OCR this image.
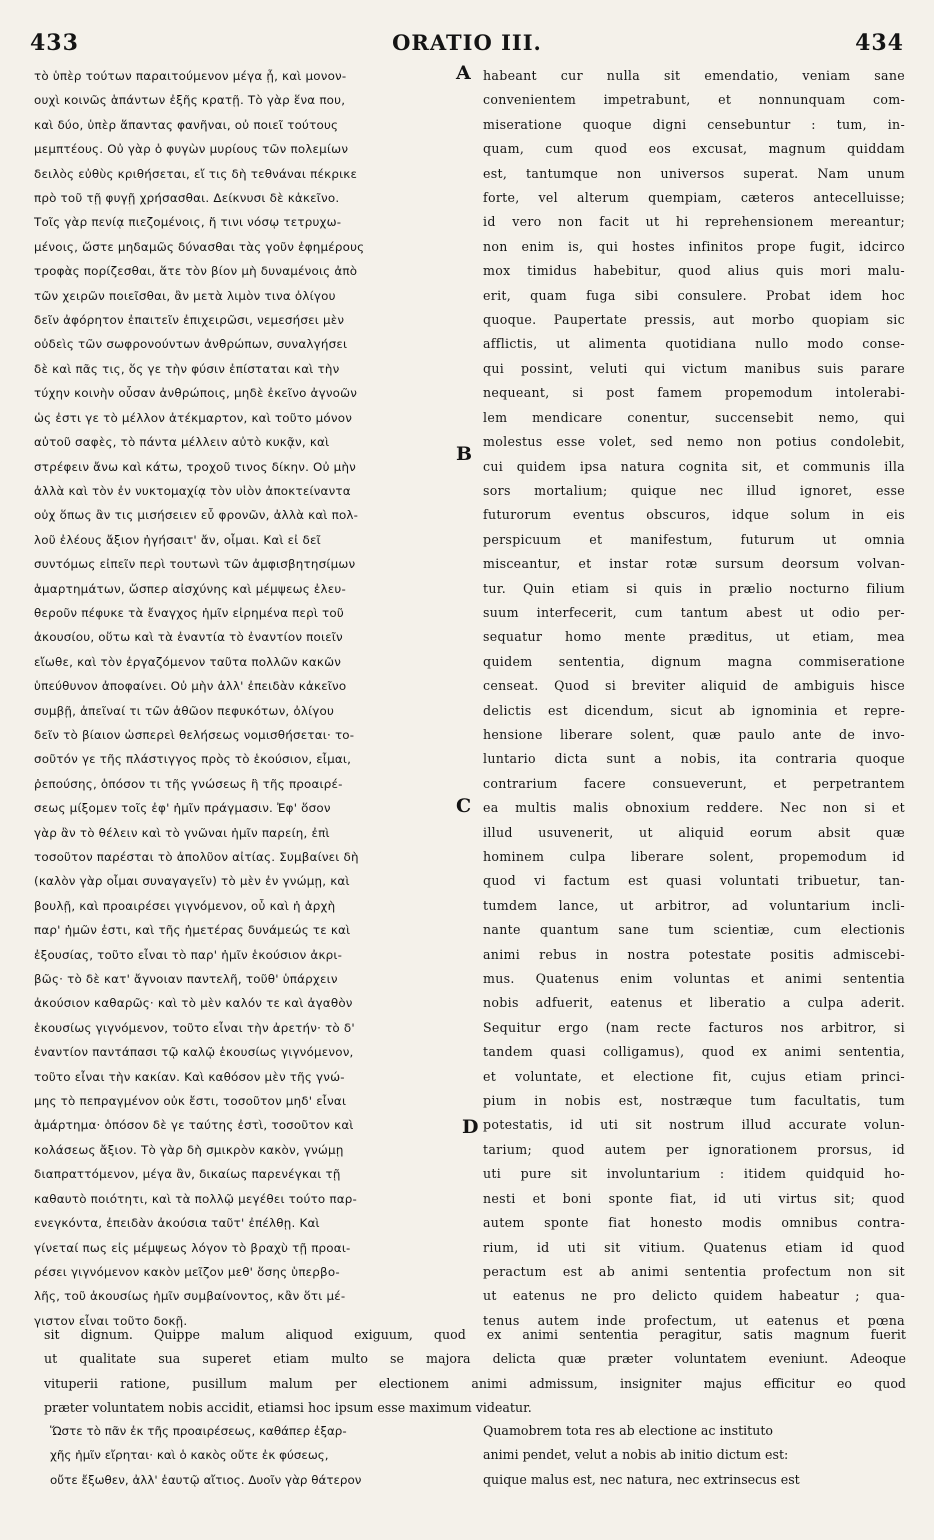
433	ORATIO III.	434
A
B
C
D
τὸ ὑπὲρ τούτων παραιτούμενον μέγα ᾖ, καὶ μονον-
ουχὶ κοινῶς ἁπάντων ἐξῆς κρατῇ. Τὸ γὰρ ἕνα που,
καὶ δύο, ὑπὲρ ἅπαντας φανῆναι, οὐ ποιεῖ τούτους
μεμπτέους. Οὐ γὰρ ὁ φυγὼν μυρίους τῶν πολεμίων
δειλὸς εὐθὺς κριθήσεται, εἴ τις δὴ τεθνάναι πέκρικε
πρὸ τοῦ τῇ φυγῇ χρήσασθαι. Δείκνυσι δὲ κἀκεῖνο.
Τοῖς γὰρ πενίᾳ πιεζομένοις, ἤ τινι νόσῳ τετρυχω-
μένοις, ὥστε μηδαμῶς δύνασθαι τὰς γοῦν ἐφημέρους
τροφὰς πορίζεσθαι, ἅτε τὸν βίον μὴ δυναμένοις ἀπὸ
τῶν χειρῶν ποιεῖσθαι, ἂν μετὰ λιμὸν τινα ὀλίγου
δεῖν ἀφόρητον ἐπαιτεῖν ἐπιχειρῶσι, νεμεσήσει μὲν
οὐδεὶς τῶν σωφρονούντων ἀνθρώπων, συναλγήσει
δὲ καὶ πᾶς τις, ὅς γε τὴν φύσιν ἐπίσταται καὶ τὴν
τύχην κοινὴν οὖσαν ἀνθρώποις, μηδὲ ἐκεῖνο ἀγνοῶν
ὡς ἐστι γε τὸ μέλλον ἀτέκμαρτον, καὶ τοῦτο μόνον
αὐτοῦ σαφὲς, τὸ πάντα μέλλειν αὐτὸ κυκᾷν, καὶ
στρέφειν ἄνω καὶ κάτω, τροχοῦ τινος δίκην. Οὐ μὴν
ἀλλὰ καὶ τὸν ἐν νυκτομαχίᾳ τὸν υἱὸν ἀποκτείναντα
οὐχ ὅπως ἂν τις μισήσειεν εὖ φρονῶν, ἀλλὰ καὶ πολ-
λοῦ ἐλέους ἄξιον ἡγήσαιτ' ἄν, οἶμαι. Καὶ εἰ δεῖ
συντόμως εἰπεῖν περὶ τουτωνὶ τῶν ἀμφισβητησίμων
ἁμαρτημάτων, ὥσπερ αἰσχύνης καὶ μέμψεως ἐλευ-
θεροῦν πέφυκε τὰ ἔναγχος ἡμῖν εἰρημένα περὶ τοῦ
ἀκουσίου, οὕτω καὶ τὰ ἐναντία τὸ ἐναντίον ποιεῖν
εἴωθε, καὶ τὸν ἐργαζόμενον ταῦτα πολλῶν κακῶν
ὑπεύθυνον ἀποφαίνει. Οὐ μὴν ἀλλ' ἐπειδὰν κἀκεῖνο
συμβῇ, ἀπεῖναί τι τῶν ἀθῶον πεφυκότων, ὀλίγου
δεῖν τὸ βίαιον ὡσπερεὶ θελήσεως νομισθήσεται· το-
σοῦτόν γε τῆς πλάστιγγος πρὸς τὸ ἑκούσιον, εἶμαι,
ῥεπούσης, ὁπόσον τι τῆς γνώσεως ἢ τῆς προαιρέ-
σεως μίξομεν τοῖς ἐφ' ἡμῖν πράγμασιν. Ἐφ' ὅσον
γὰρ ἂν τὸ θέλειν καὶ τὸ γνῶναι ἡμῖν παρείη, ἐπὶ
τοσοῦτον παρέσται τὸ ἀπολῦον αἰτίας. Συμβαίνει δὴ
(καλὸν γὰρ οἶμαι συναγαγεῖν) τὸ μὲν ἐν γνώμῃ, καὶ
βουλῇ, καὶ προαιρέσει γιγνόμενον, οὗ καὶ ἡ ἀρχὴ
παρ' ἡμῶν ἐστι, καὶ τῆς ἡμετέρας δυνάμεώς τε καὶ
ἐξουσίας, τοῦτο εἶναι τὸ παρ' ἡμῖν ἑκούσιον ἀκρι-
βῶς· τὸ δὲ κατ' ἄγνοιαν παντελῆ, τοῦθ' ὑπάρχειν
ἀκούσιον καθαρῶς· καὶ τὸ μὲν καλόν τε καὶ ἀγαθὸν
ἑκουσίως γιγνόμενον, τοῦτο εἶναι τὴν ἀρετήν· τὸ δ'
ἐναντίον παντάπασι τῷ καλῷ ἑκουσίως γιγνόμενον,
τοῦτο εἶναι τὴν κακίαν. Καὶ καθόσον μὲν τῆς γνώ-
μης τὸ πεπραγμένον οὐκ ἔστι, τοσοῦτον μηδ' εἶναι
ἁμάρτημα· ὁπόσον δὲ γε ταύτης ἐστὶ, τοσοῦτον καὶ
κολάσεως ἄξιον. Τὸ γὰρ δὴ σμικρὸν κακὸν, γνώμῃ
διαπραττόμενον, μέγα ἂν, δικαίως παρενέγκαι τῇ
καθαυτὸ ποιότητι, καὶ τὰ πολλῷ μεγέθει τούτο παρ-
ενεγκόντα, ἐπειδὰν ἀκούσια ταῦτ' ἐπέλθῃ. Καὶ
γίνεταί πως εἰς μέμψεως λόγον τὸ βραχὺ τῇ προαι-
ρέσει γιγνόμενον κακὸν μεῖζον μεθ' ὅσης ὑπερβο-
λῆς, τοῦ ἀκουσίως ἡμῖν συμβαίνοντος, κἂν ὅτι μέ-
γιστον εἶναι τοῦτο δοκῇ.
habeant cur nulla sit emendatio, veniam sane
convenientem impetrabunt, et nonnunquam com-
miseratione quoque digni censebuntur : tum, in-
quam, cum quod eos excusat, magnum quiddam
est, tantumque non universos superat. Nam unum
forte, vel alterum quempiam, cæteros antecelluisse;
id vero non facit ut hi reprehensionem mereantur;
non enim is, qui hostes infinitos prope fugit, idcirco
mox timidus habebitur, quod alius quis mori malu-
erit, quam fuga sibi consulere. Probat idem hoc
quoque. Paupertate pressis, aut morbo quopiam sic
afflictis, ut alimenta quotidiana nullo modo conse-
qui possint, veluti qui victum manibus suis parare
nequeant, si post famem propemodum intolerabi-
lem mendicare conentur, succensebit nemo, qui
molestus esse volet, sed nemo non potius condolebit,
cui quidem ipsa natura cognita sit, et communis illa
sors mortalium; quique nec illud ignoret, esse
futurorum eventus obscuros, idque solum in eis
perspicuum et manifestum, futurum ut omnia
misceantur, et instar rotæ sursum deorsum volvan-
tur. Quin etiam si quis in prælio nocturno filium
suum interfecerit, cum tantum abest ut odio per-
sequatur homo mente præditus, ut etiam, mea
quidem sententia, dignum magna commiseratione
censeat. Quod si breviter aliquid de ambiguis hisce
delictis est dicendum, sicut ab ignominia et repre-
hensione liberare solent, quæ paulo ante de invo-
luntario dicta sunt a nobis, ita contraria quoque
contrarium facere consueverunt, et perpetrantem
ea multis malis obnoxium reddere. Nec non si et
illud usuvenerit, ut aliquid eorum absit quæ
hominem culpa liberare solent, propemodum id
quod vi factum est quasi voluntati tribuetur, tan-
tumdem lance, ut arbitror, ad voluntarium incli-
nante quantum sane tum scientiæ, cum electionis
animi rebus in nostra potestate positis admiscebi-
mus. Quatenus enim voluntas et animi sententia
nobis adfuerit, eatenus et liberatio a culpa aderit.
Sequitur ergo (nam recte facturos nos arbitror, si
tandem quasi colligamus), quod ex animi sententia,
et voluntate, et electione fit, cujus etiam princi-
pium in nobis est, nostræque tum facultatis, tum
potestatis, id uti sit nostrum illud accurate volun-
tarium; quod autem per ignorationem prorsus, id
uti pure sit involuntarium : itidem quidquid ho-
nesti et boni sponte fiat, id uti virtus sit; quod
autem sponte fiat honesto modis omnibus contra-
rium, id uti sit vitium. Quatenus etiam id quod
peractum est ab animi sententia profectum non sit
ut eatenus ne pro delicto quidem habeatur ; qua-
tenus autem inde profectum, ut eatenus et pœna
sit dignum. Quippe malum aliquod exiguum, quod ex animi sententia peragitur, satis magnum fuerit
ut qualitate sua superet etiam multo se majora delicta quæ præter voluntatem eveniunt. Adeoque
vituperii ratione, pusillum malum per electionem animi admissum, insigniter majus efficitur eo quod
præter voluntatem nobis accidit, etiamsi hoc ipsum esse maximum videatur.
Ὥστε τὸ πᾶν ἐκ τῆς προαιρέσεως, καθάπερ ἐξαρ-
χῆς ἡμῖν εἴρηται· καὶ ὁ κακὸς οὔτε ἐκ φύσεως,
οὔτε ἔξωθεν, ἀλλ' ἑαυτῷ αἴτιος. Δυοῖν γὰρ θάτερον
Quamobrem tota res ab electione ac instituto
animi pendet, velut a nobis ab initio dictum est:
quique malus est, nec natura, nec extrinsecus est
